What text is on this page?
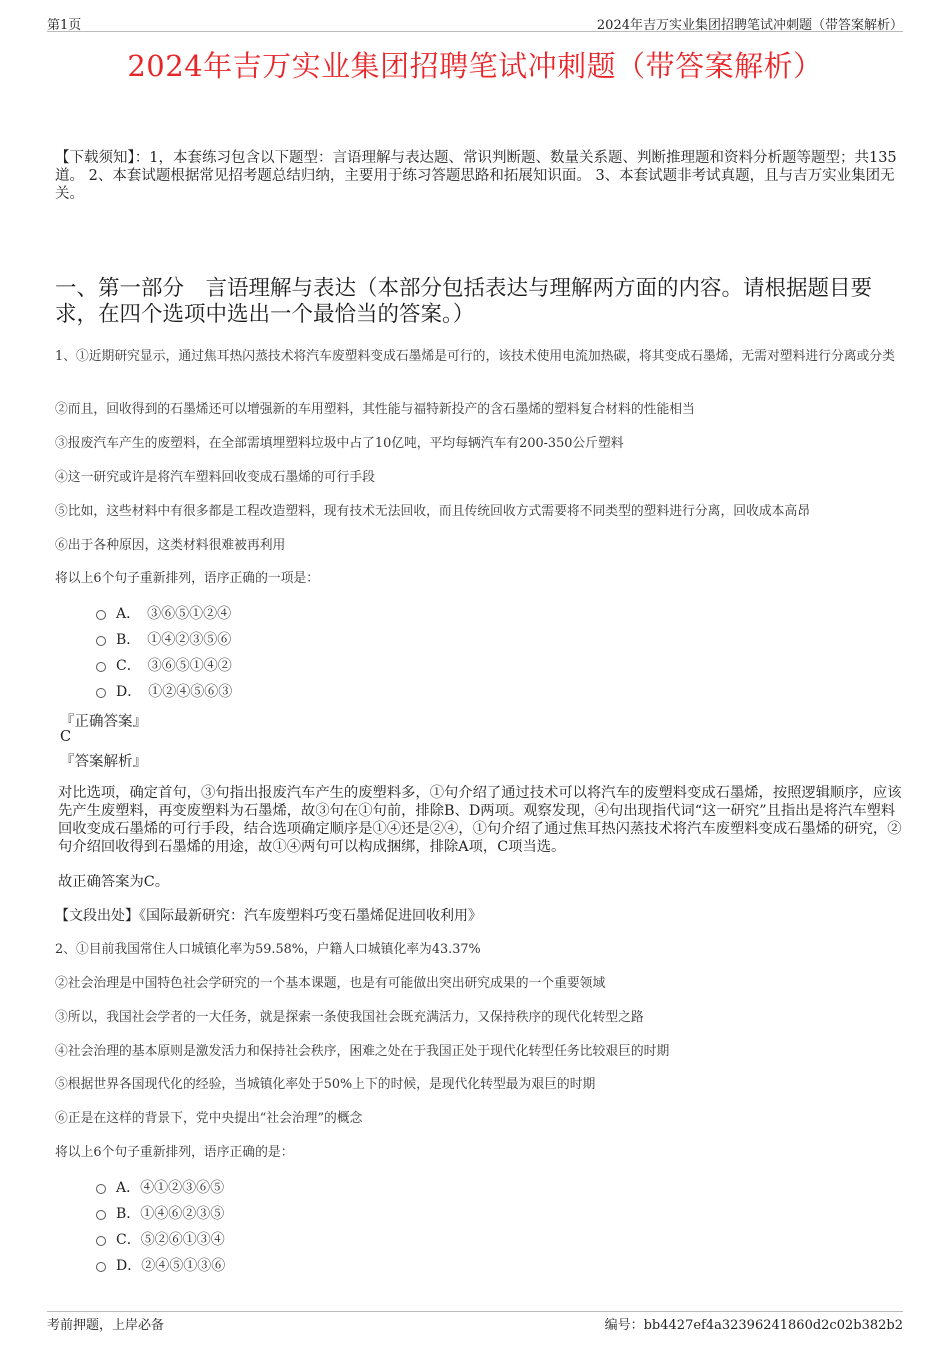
第1页	2024年吉万实业集团招聘笔试冲刺题（带答案解析）
2024年吉万实业集团招聘笔试冲刺题（带答案解析）
【下载须知】：1，本套练习包含以下题型：言语理解与表达题、常识判断题、数量关系题、判断推理题和资料分析题等题型；共135道。 2、本套试题根据常见招考题总结归纳，主要用于练习答题思路和拓展知识面。 3、本套试题非考试真题，且与吉万实业集团无关。
一、第一部分　言语理解与表达（本部分包括表达与理解两方面的内容。请根据题目要求，在四个选项中选出一个最恰当的答案。）
1、①近期研究显示，通过焦耳热闪蒸技术将汽车废塑料变成石墨烯是可行的，该技术使用电流加热碳，将其变成石墨烯，无需对塑料进行分离或分类
②而且，回收得到的石墨烯还可以增强新的车用塑料，其性能与福特新投产的含石墨烯的塑料复合材料的性能相当
③报废汽车产生的废塑料，在全部需填埋塑料垃圾中占了10亿吨，平均每辆汽车有200-350公斤塑料
④这一研究或许是将汽车塑料回收变成石墨烯的可行手段
⑤比如，这些材料中有很多都是工程改造塑料，现有技术无法回收，而且传统回收方式需要将不同类型的塑料进行分离，回收成本高昂
⑥出于各种原因，这类材料很难被再利用
将以上6个句子重新排列，语序正确的一项是：
A．　③⑥⑤①②④
B．　①④②③⑤⑥
C．　③⑥⑤①④②
D．　①②④⑤⑥③
『正确答案』
C
『答案解析』
对比选项，确定首句，③句指出报废汽车产生的废塑料多，①句介绍了通过技术可以将汽车的废塑料变成石墨烯，按照逻辑顺序，应该先产生废塑料，再变废塑料为石墨烯，故③句在①句前，排除B、D两项。观察发现，④句出现指代词“这一研究”且指出是将汽车塑料回收变成石墨烯的可行手段，结合选项确定顺序是①④还是②④，①句介绍了通过焦耳热闪蒸技术将汽车废塑料变成石墨烯的研究，②句介绍回收得到石墨烯的用途，故①④两句可以构成捆绑，排除A项，C项当选。
故正确答案为C。
【文段出处】《国际最新研究：汽车废塑料巧变石墨烯促进回收利用》
2、①目前我国常住人口城镇化率为59.58%，户籍人口城镇化率为43.37%
②社会治理是中国特色社会学研究的一个基本课题，也是有可能做出突出研究成果的一个重要领域
③所以，我国社会学者的一大任务，就是探索一条使我国社会既充满活力，又保持秩序的现代化转型之路
④社会治理的基本原则是激发活力和保持社会秩序，困难之处在于我国正处于现代化转型任务比较艰巨的时期
⑤根据世界各国现代化的经验，当城镇化率处于50%上下的时候，是现代化转型最为艰巨的时期
⑥正是在这样的背景下，党中央提出“社会治理”的概念
将以上6个句子重新排列，语序正确的是：
A．④①②③⑥⑤
B．①④⑥②③⑤
C．⑤②⑥①③④
D．②④⑤①③⑥
考前押题，上岸必备	编号：bb4427ef4a32396241860d2c02b382b2
